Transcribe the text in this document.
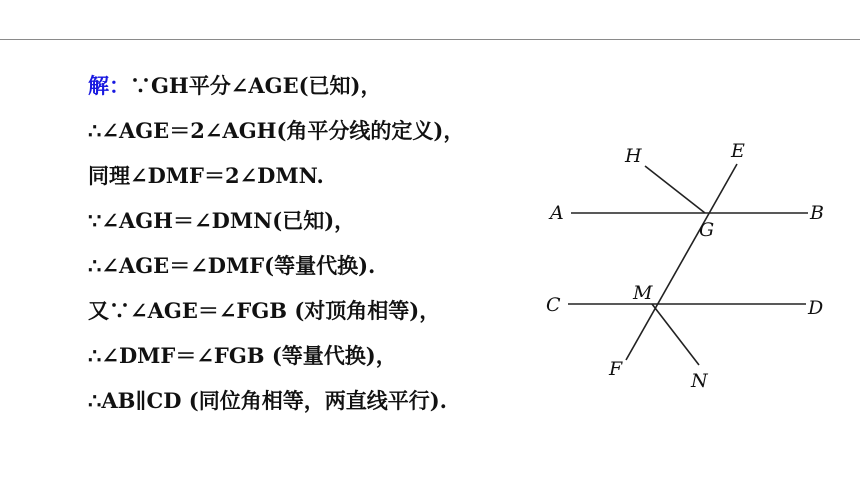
解：∵GH平分∠AGE(已知)，
∴∠AGE＝2∠AGH(角平分线的定义)，
同理∠DMF＝2∠DMN.
∵∠AGH＝∠DMN(已知)，
∴∠AGE＝∠DMF(等量代换).
又∵∠AGE＝∠FGB (对顶角相等)，
∴∠DMF＝∠FGB (等量代换)，
∴AB∥CD (同位角相等，两直线平行).
A	B
C	D
E
F
G
H
M
N
